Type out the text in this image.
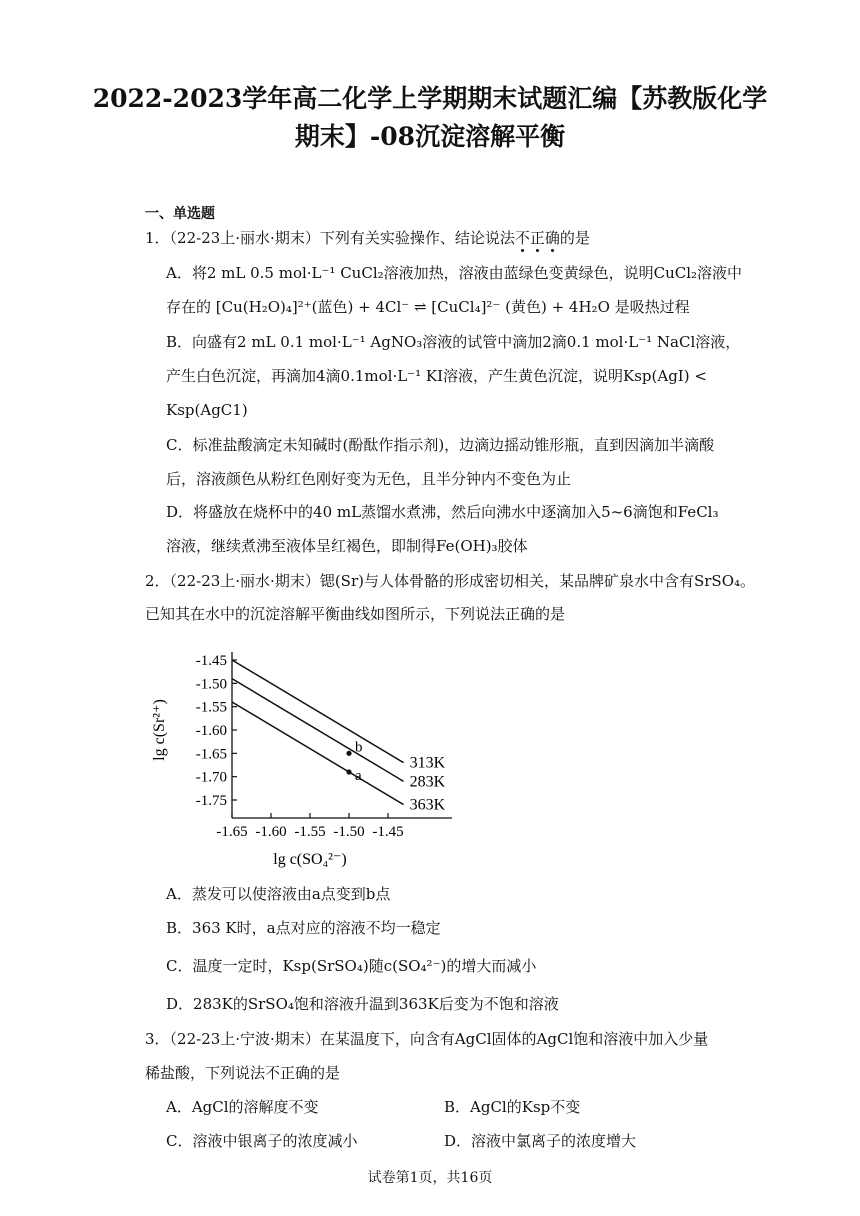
2022-2023学年高二化学上学期期末试题汇编【苏教版化学
期末】-08沉淀溶解平衡
一、单选题
1．（22-23上·丽水·期末）下列有关实验操作、结论说法不正确的是
A．将2 mL 0.5 mol·L⁻¹ CuCl₂溶液加热，溶液由蓝绿色变黄绿色，说明CuCl₂溶液中
存在的 [Cu(H₂O)₄]²⁺(蓝色) + 4Cl⁻ ⇌ [CuCl₄]²⁻ (黄色) + 4H₂O 是吸热过程
B．向盛有2 mL 0.1 mol·L⁻¹ AgNO₃溶液的试管中滴加2滴0.1 mol·L⁻¹ NaCl溶液，
产生白色沉淀，再滴加4滴0.1mol·L⁻¹ KI溶液，产生黄色沉淀，说明Ksp(AgI) <
Ksp(AgC1)
C．标准盐酸滴定未知碱时(酚酞作指示剂)，边滴边摇动锥形瓶，直到因滴加半滴酸
后，溶液颜色从粉红色刚好变为无色，且半分钟内不变色为止
D．将盛放在烧杯中的40 mL蒸馏水煮沸，然后向沸水中逐滴加入5~6滴饱和FeCl₃
溶液，继续煮沸至液体呈红褐色，即制得Fe(OH)₃胶体
2．（22-23上·丽水·期末）锶(Sr)与人体骨骼的形成密切相关，某品牌矿泉水中含有SrSO₄。
已知其在水中的沉淀溶解平衡曲线如图所示，下列说法正确的是
-1.45
-1.50
-1.55
-1.60
-1.65
-1.70
-1.75
-1.65 -1.60 -1.55 -1.50 -1.45
313K
283K
363K
b
a
lg c(SO₄²⁻)
lg c(Sr²⁺)
A．蒸发可以使溶液由a点变到b点
B．363 K时，a点对应的溶液不均一稳定
C．温度一定时，Ksp(SrSO₄)随c(SO₄²⁻)的增大而减小
D．283K的SrSO₄饱和溶液升温到363K后变为不饱和溶液
3．（22-23上·宁波·期末）在某温度下，向含有AgCl固体的AgCl饱和溶液中加入少量
稀盐酸，下列说法不正确的是
A．AgCl的溶解度不变	B．AgCl的Ksp不变
C．溶液中银离子的浓度减小	D．溶液中氯离子的浓度增大
试卷第1页，共16页
